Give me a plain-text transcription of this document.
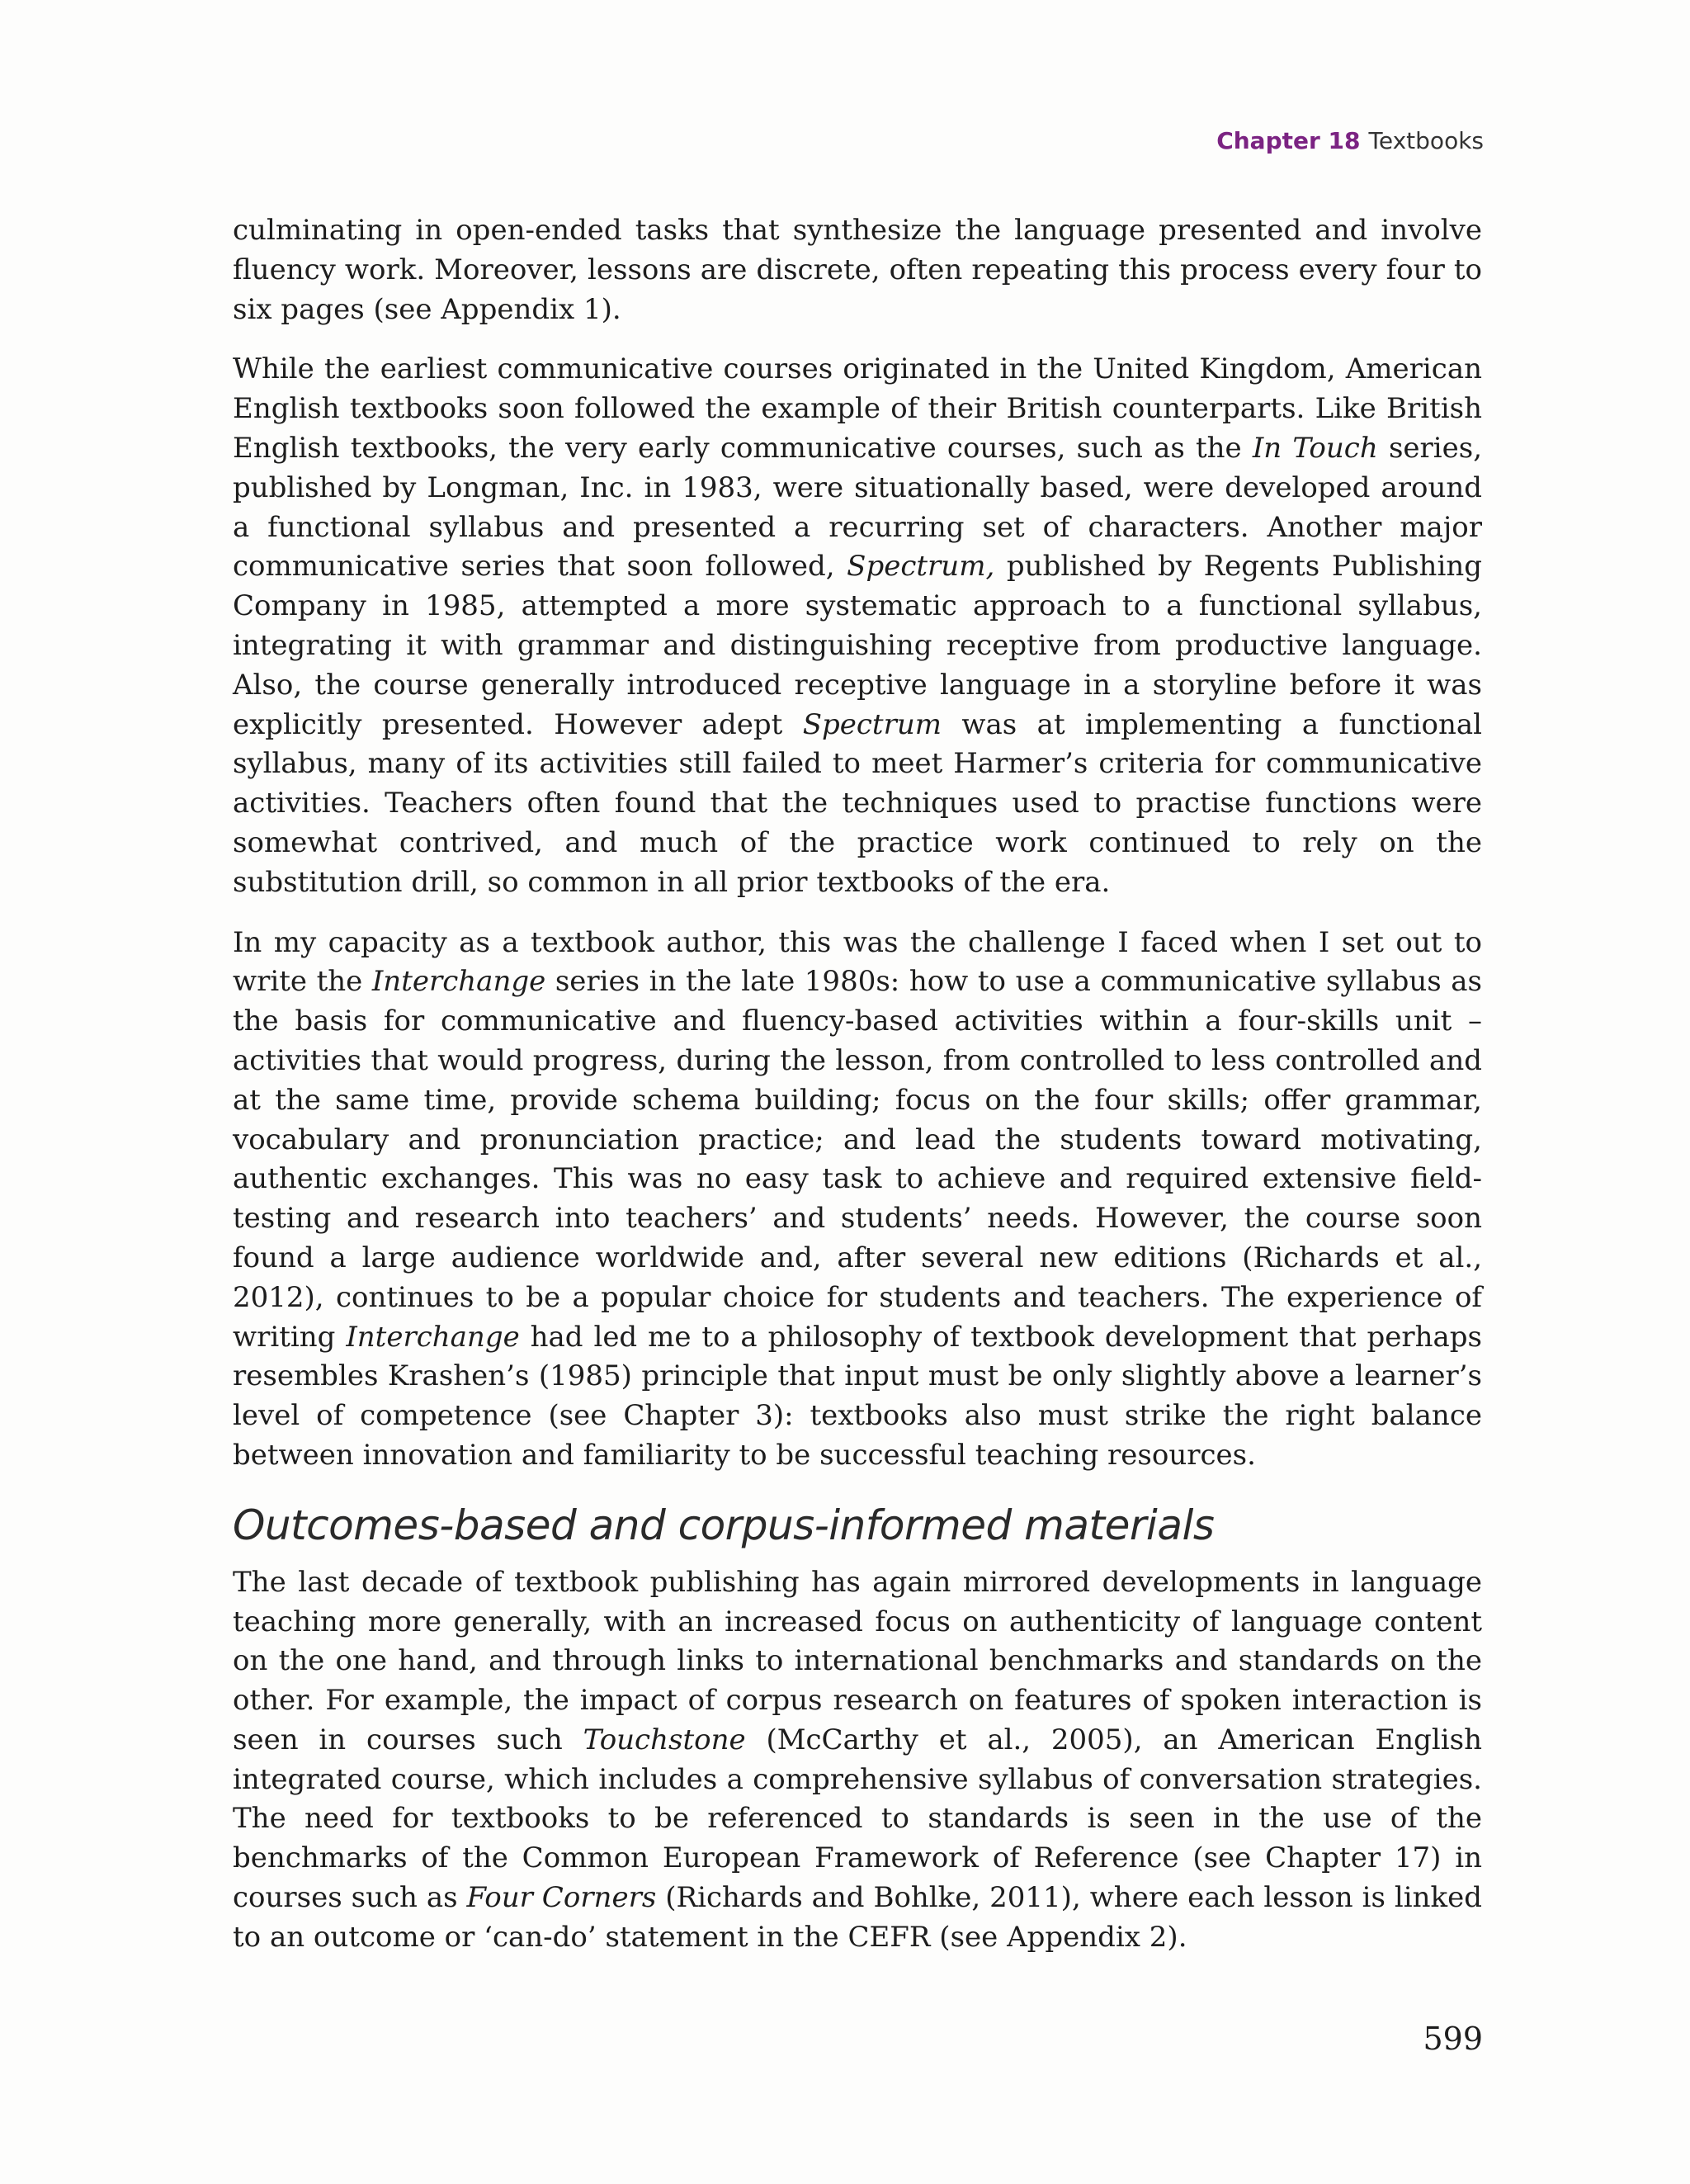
Chapter 18 Textbooks

culminating in open-ended tasks that synthesize the language presented and involve fluency work. Moreover, lessons are discrete, often repeating this process every four to six pages (see Appendix 1).

While the earliest communicative courses originated in the United Kingdom, American English textbooks soon followed the example of their British counterparts. Like British English textbooks, the very early communicative courses, such as the In Touch series, published by Longman, Inc. in 1983, were situationally based, were developed around a functional syllabus and presented a recurring set of characters. Another major communicative series that soon followed, Spectrum, published by Regents Publishing Company in 1985, attempted a more systematic approach to a functional syllabus, integrating it with grammar and distinguishing receptive from productive language. Also, the course generally introduced receptive language in a storyline before it was explicitly presented. However adept Spectrum was at implementing a functional syllabus, many of its activities still failed to meet Harmer’s criteria for communicative activities. Teachers often found that the techniques used to practise functions were somewhat contrived, and much of the practice work continued to rely on the substitution drill, so common in all prior textbooks of the era.

In my capacity as a textbook author, this was the challenge I faced when I set out to write the Interchange series in the late 1980s: how to use a communicative syllabus as the basis for communicative and fluency-based activities within a four-skills unit – activities that would progress, during the lesson, from controlled to less controlled and at the same time, provide schema building; focus on the four skills; offer grammar, vocabulary and pronunciation practice; and lead the students toward motivating, authentic exchanges. This was no easy task to achieve and required extensive field-testing and research into teachers’ and students’ needs. However, the course soon found a large audience worldwide and, after several new editions (Richards et al., 2012), continues to be a popular choice for students and teachers. The experience of writing Interchange had led me to a philosophy of textbook development that perhaps resembles Krashen’s (1985) principle that input must be only slightly above a learner’s level of competence (see Chapter 3): textbooks also must strike the right balance between innovation and familiarity to be successful teaching resources.

Outcomes-based and corpus-informed materials

The last decade of textbook publishing has again mirrored developments in language teaching more generally, with an increased focus on authenticity of language content on the one hand, and through links to international benchmarks and standards on the other. For example, the impact of corpus research on features of spoken interaction is seen in courses such Touchstone (McCarthy et al., 2005), an American English integrated course, which includes a comprehensive syllabus of conversation strategies. The need for textbooks to be referenced to standards is seen in the use of the benchmarks of the Common European Framework of Reference (see Chapter 17) in courses such as Four Corners (Richards and Bohlke, 2011), where each lesson is linked to an outcome or ‘can-do’ statement in the CEFR (see Appendix 2).

599
